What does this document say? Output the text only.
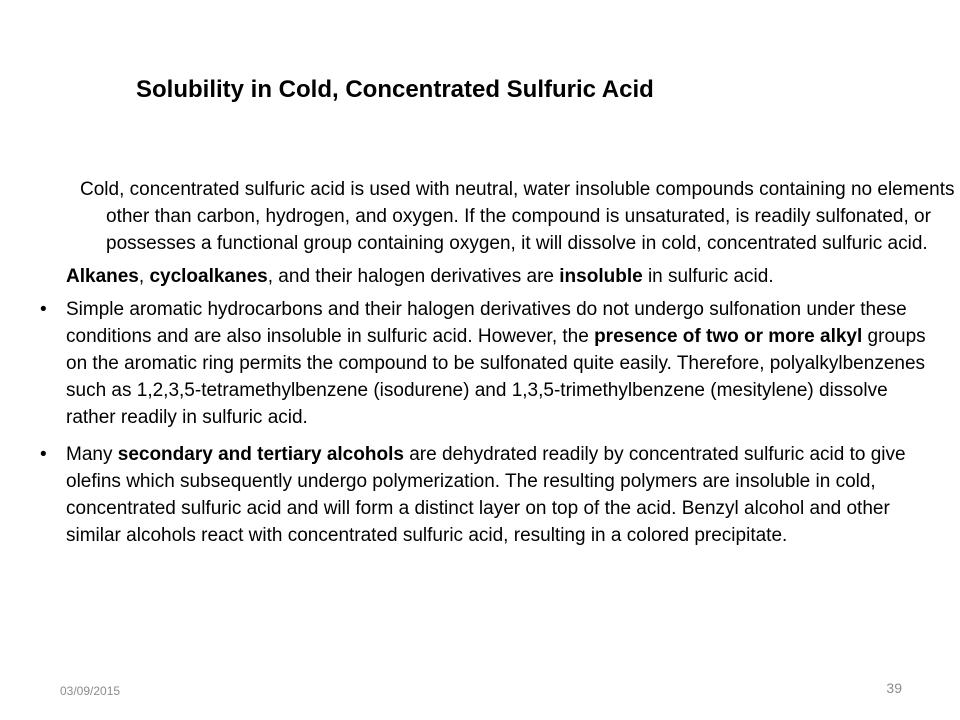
Solubility in Cold, Concentrated Sulfuric Acid

Cold, concentrated sulfuric acid is used with neutral, water insoluble compounds containing no elements other than carbon, hydrogen, and oxygen. If the compound is unsaturated, is readily sulfonated, or possesses a functional group containing oxygen, it will dissolve in cold, concentrated sulfuric acid.

Alkanes, cycloalkanes, and their halogen derivatives are insoluble in sulfuric acid.

• Simple aromatic hydrocarbons and their halogen derivatives do not undergo sulfonation under these conditions and are also insoluble in sulfuric acid. However, the presence of two or more alkyl groups on the aromatic ring permits the compound to be sulfonated quite easily. Therefore, polyalkylbenzenes such as 1,2,3,5-tetramethylbenzene (isodurene) and 1,3,5-trimethylbenzene (mesitylene) dissolve rather readily in sulfuric acid.
• Many secondary and tertiary alcohols are dehydrated readily by concentrated sulfuric acid to give olefins which subsequently undergo polymerization. The resulting polymers are insoluble in cold, concentrated sulfuric acid and will form a distinct layer on top of the acid. Benzyl alcohol and other similar alcohols react with concentrated sulfuric acid, resulting in a colored precipitate.
03/09/2015	39
